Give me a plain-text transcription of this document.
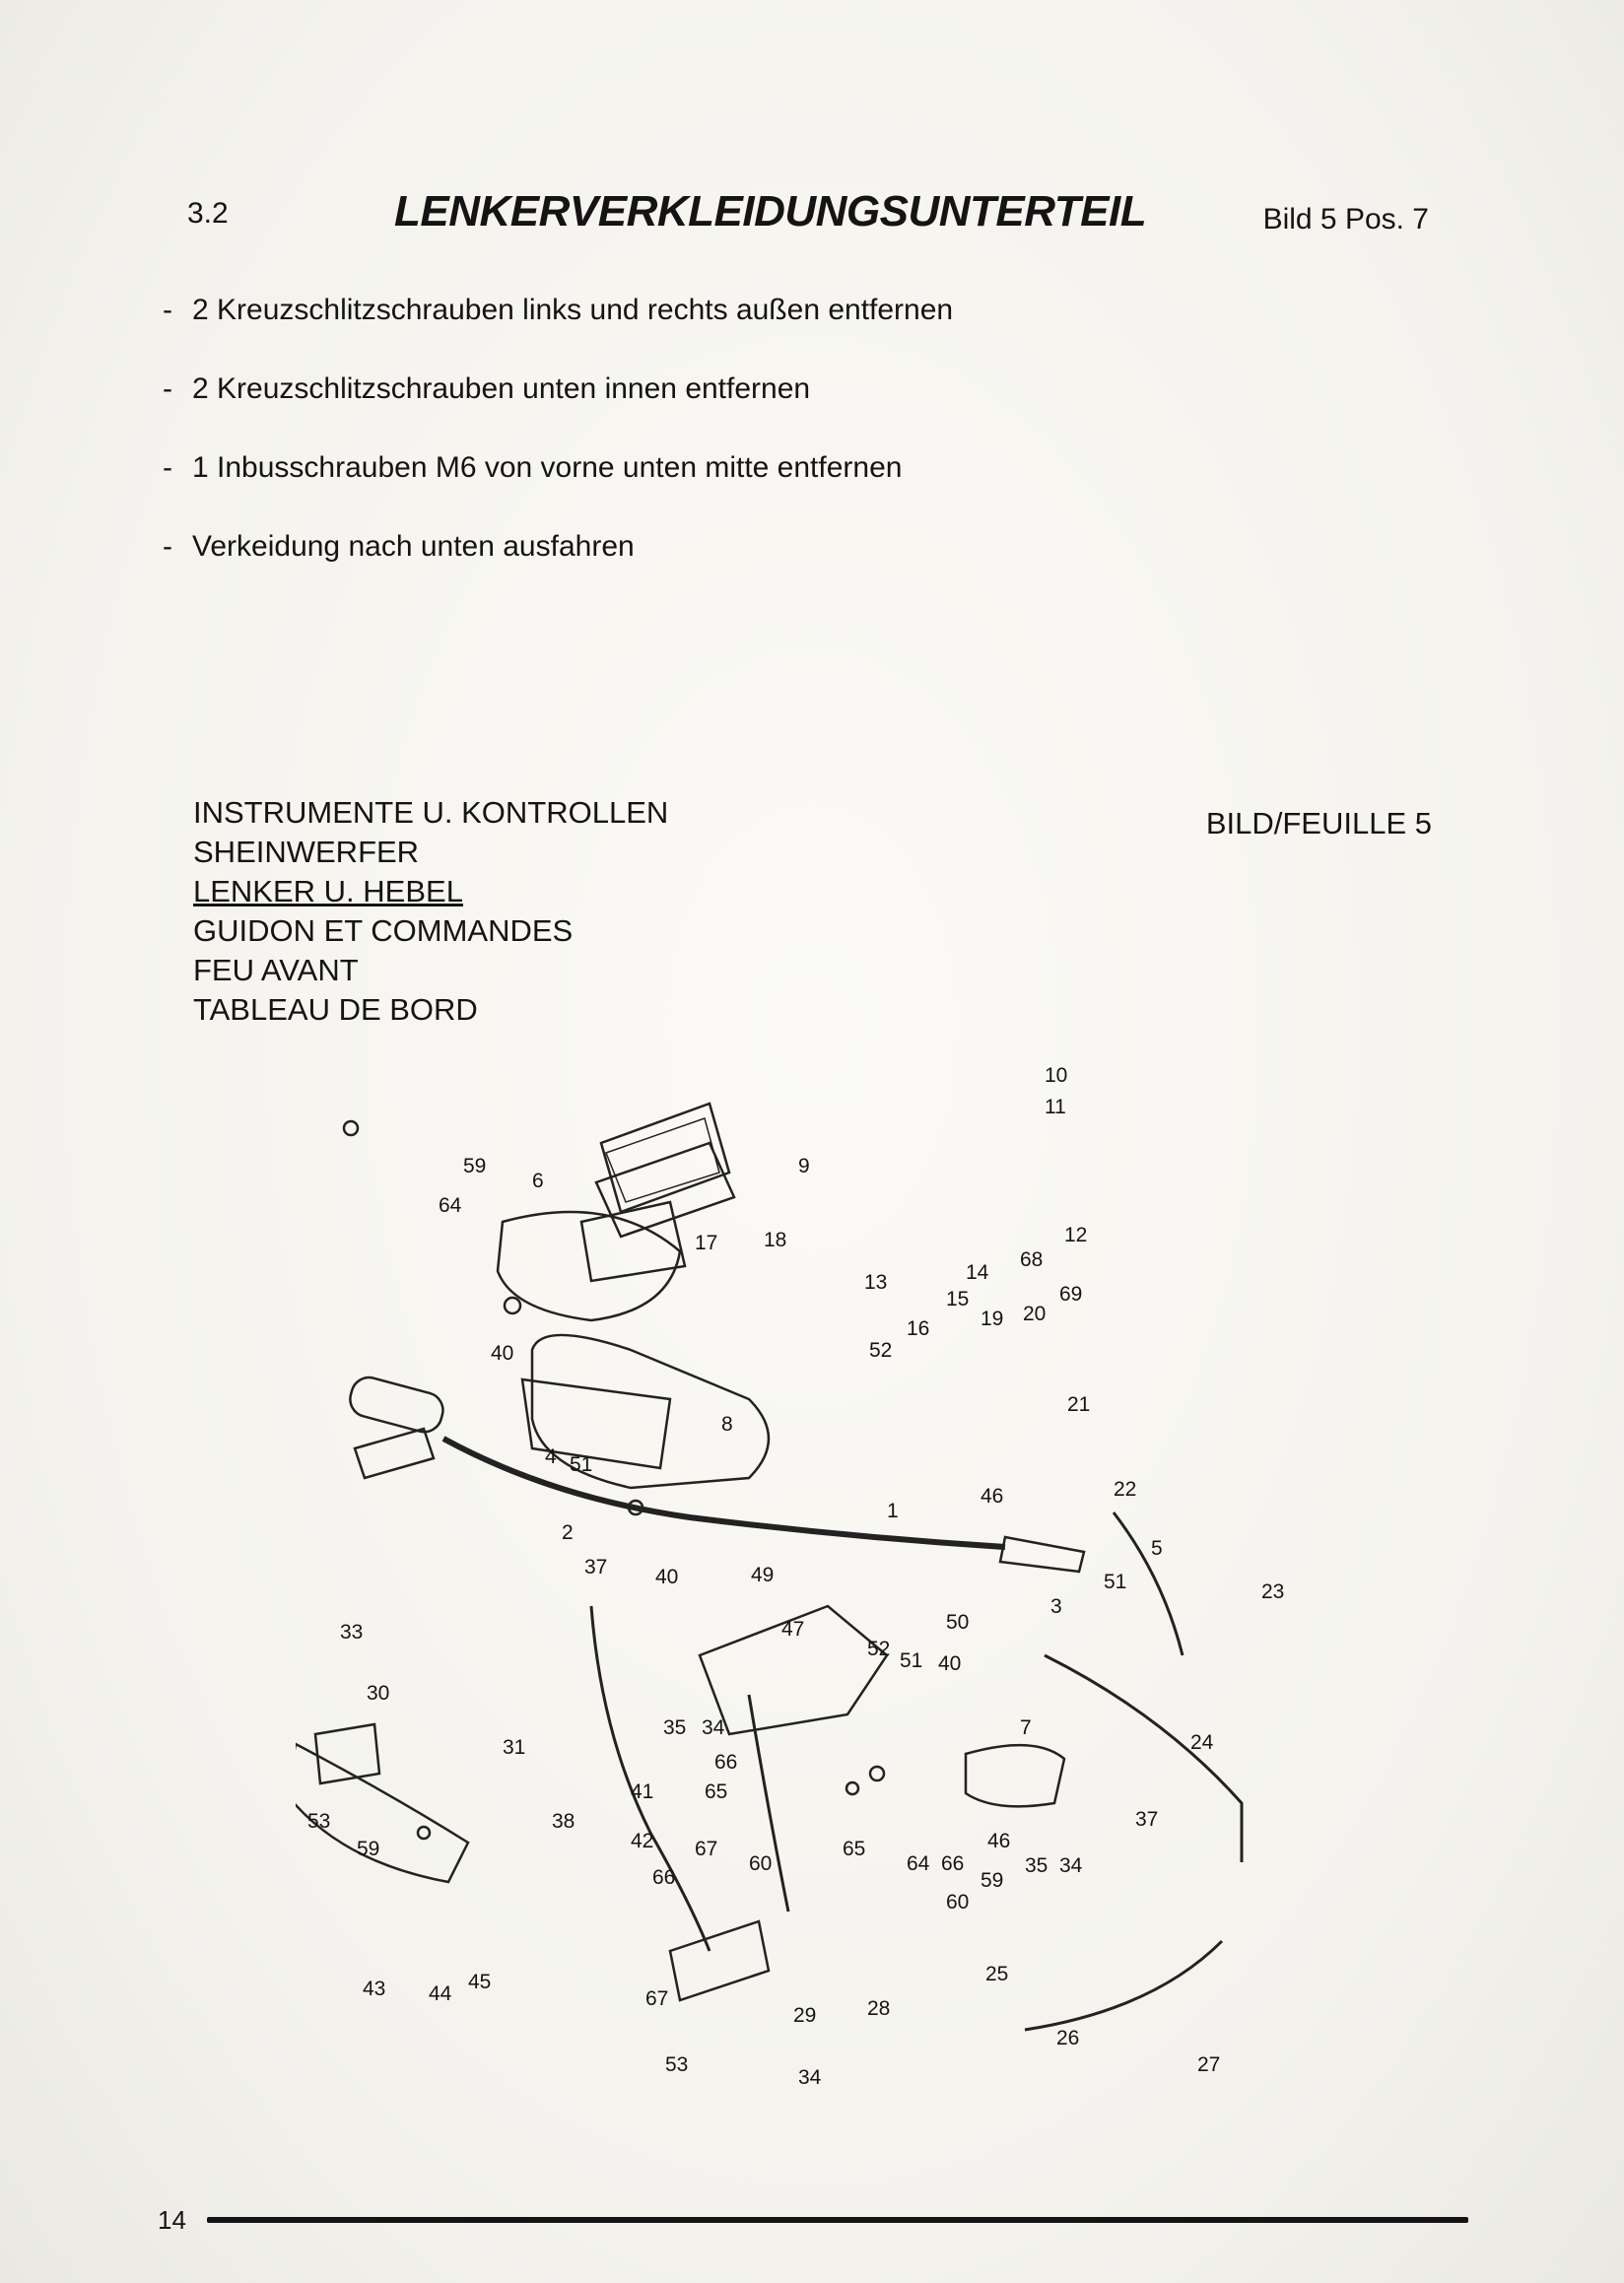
3.2	LENKERVERKLEIDUNGSUNTERTEIL	Bild 5 Pos. 7
- 2 Kreuzschlitzschrauben links und rechts außen entfernen
- 2 Kreuzschlitzschrauben unten innen entfernen
- 1 Inbusschrauben M6 von vorne unten mitte entfernen
- Verkeidung nach unten ausfahren
INSTRUMENTE U. KONTROLLEN
SHEINWERFER
LENKER U. HEBEL
GUIDON ET COMMANDES
FEU AVANT
TABLEAU DE BORD
BILD/FEUILLE 5
10
11
9
59
6
64
12
17 18
68
14
69
13
15
19 20
16
52
40
8
21
4 51
22
46
1
2
5
37 40	49	51	23
3
50
47
33
52
51 40
30
35 34	7
31	24
66
41 65
53	38	37
42 67
59	65
60
46
35 34
64 66
59
66
60
25
43 44
45
67
29 28
26
27
53
34
14
